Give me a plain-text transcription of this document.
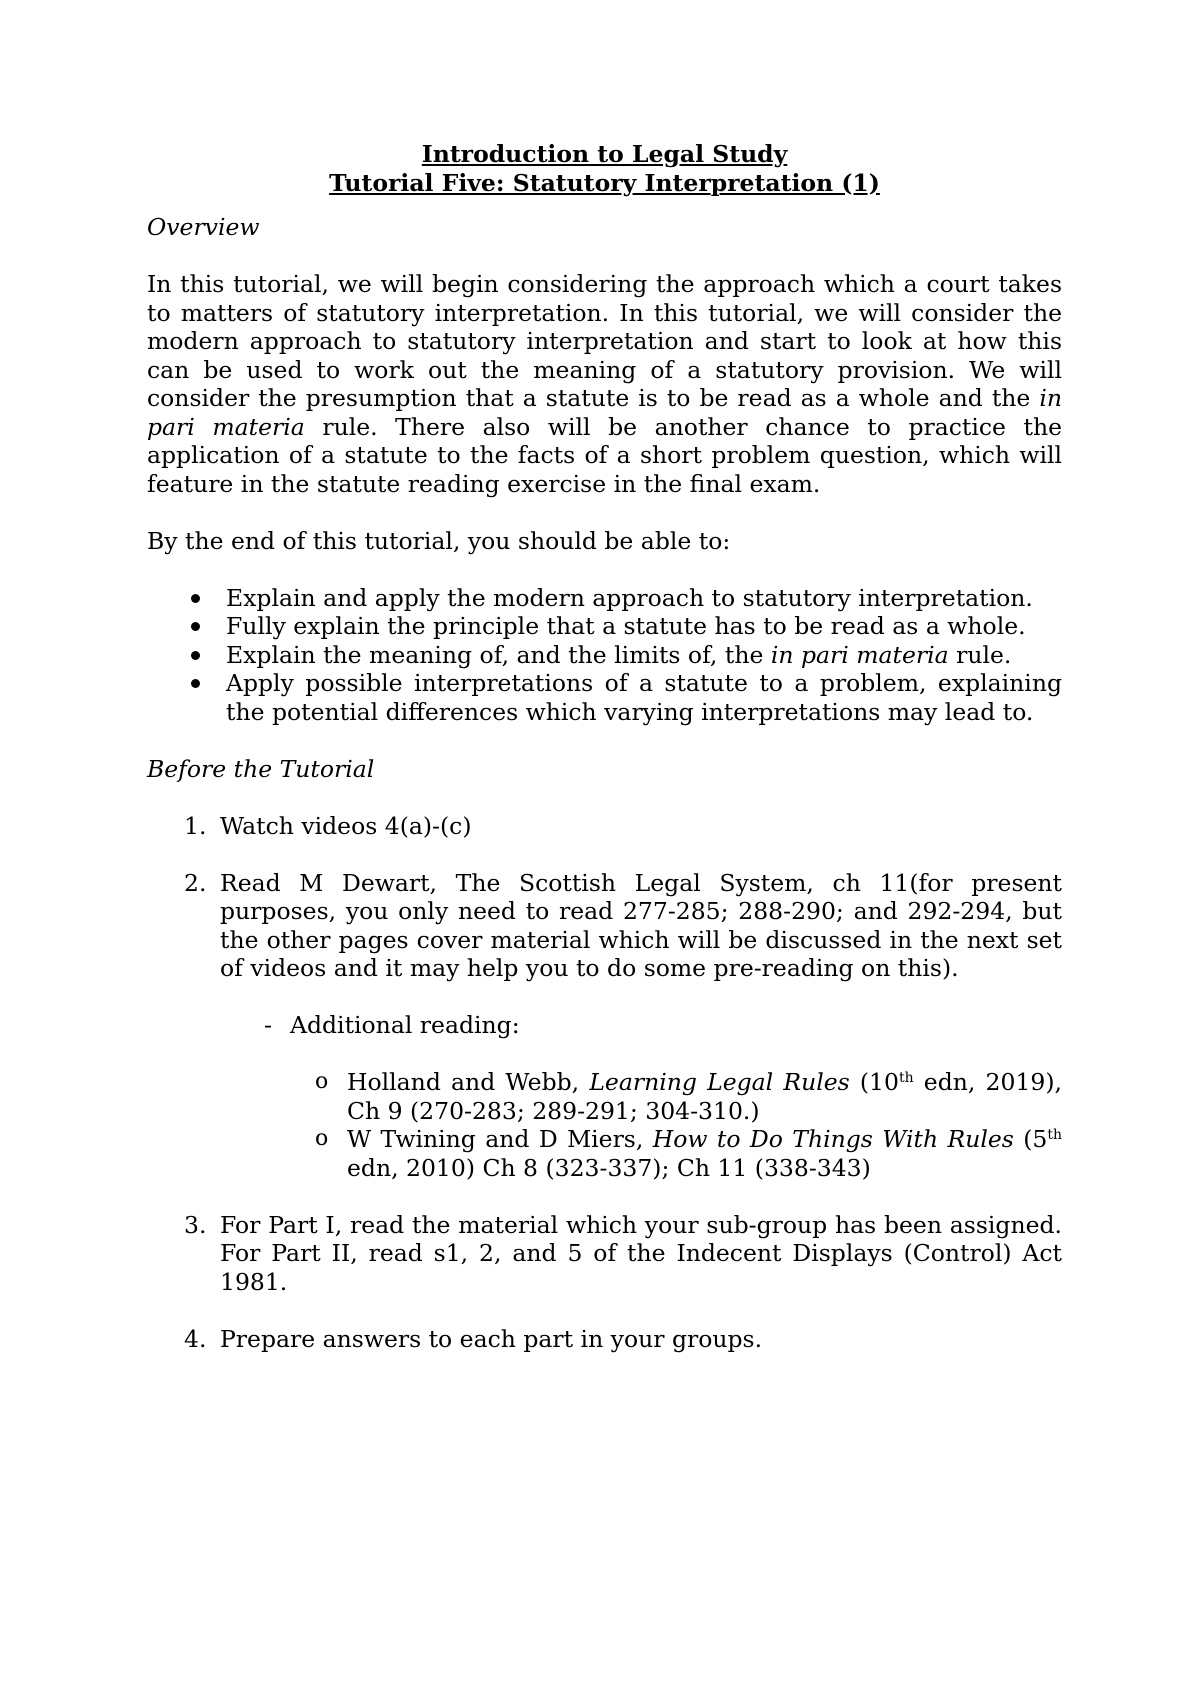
Introduction to Legal Study
Tutorial Five: Statutory Interpretation (1)

Overview

In this tutorial, we will begin considering the approach which a court takes to matters of statutory interpretation. In this tutorial, we will consider the modern approach to statutory interpretation and start to look at how this can be used to work out the meaning of a statutory provision. We will consider the presumption that a statute is to be read as a whole and the in pari materia rule. There also will be another chance to practice the application of a statute to the facts of a short problem question, which will feature in the statute reading exercise in the final exam.

By the end of this tutorial, you should be able to:

Explain and apply the modern approach to statutory interpretation.
Fully explain the principle that a statute has to be read as a whole.
Explain the meaning of, and the limits of, the in pari materia rule.
Apply possible interpretations of a statute to a problem, explaining the potential differences which varying interpretations may lead to.

Before the Tutorial

1. Watch videos 4(a)-(c)
2. Read M Dewart, The Scottish Legal System, ch 11(for present purposes, you only need to read 277-285; 288-290; and 292-294, but the other pages cover material which will be discussed in the next set of videos and it may help you to do some pre-reading on this).
- Additional reading:
o Holland and Webb, Learning Legal Rules (10th edn, 2019), Ch 9 (270-283; 289-291; 304-310.)
o W Twining and D Miers, How to Do Things With Rules (5th edn, 2010) Ch 8 (323-337); Ch 11 (338-343)
3. For Part I, read the material which your sub-group has been assigned. For Part II, read s1, 2, and 5 of the Indecent Displays (Control) Act 1981.
4. Prepare answers to each part in your groups.
